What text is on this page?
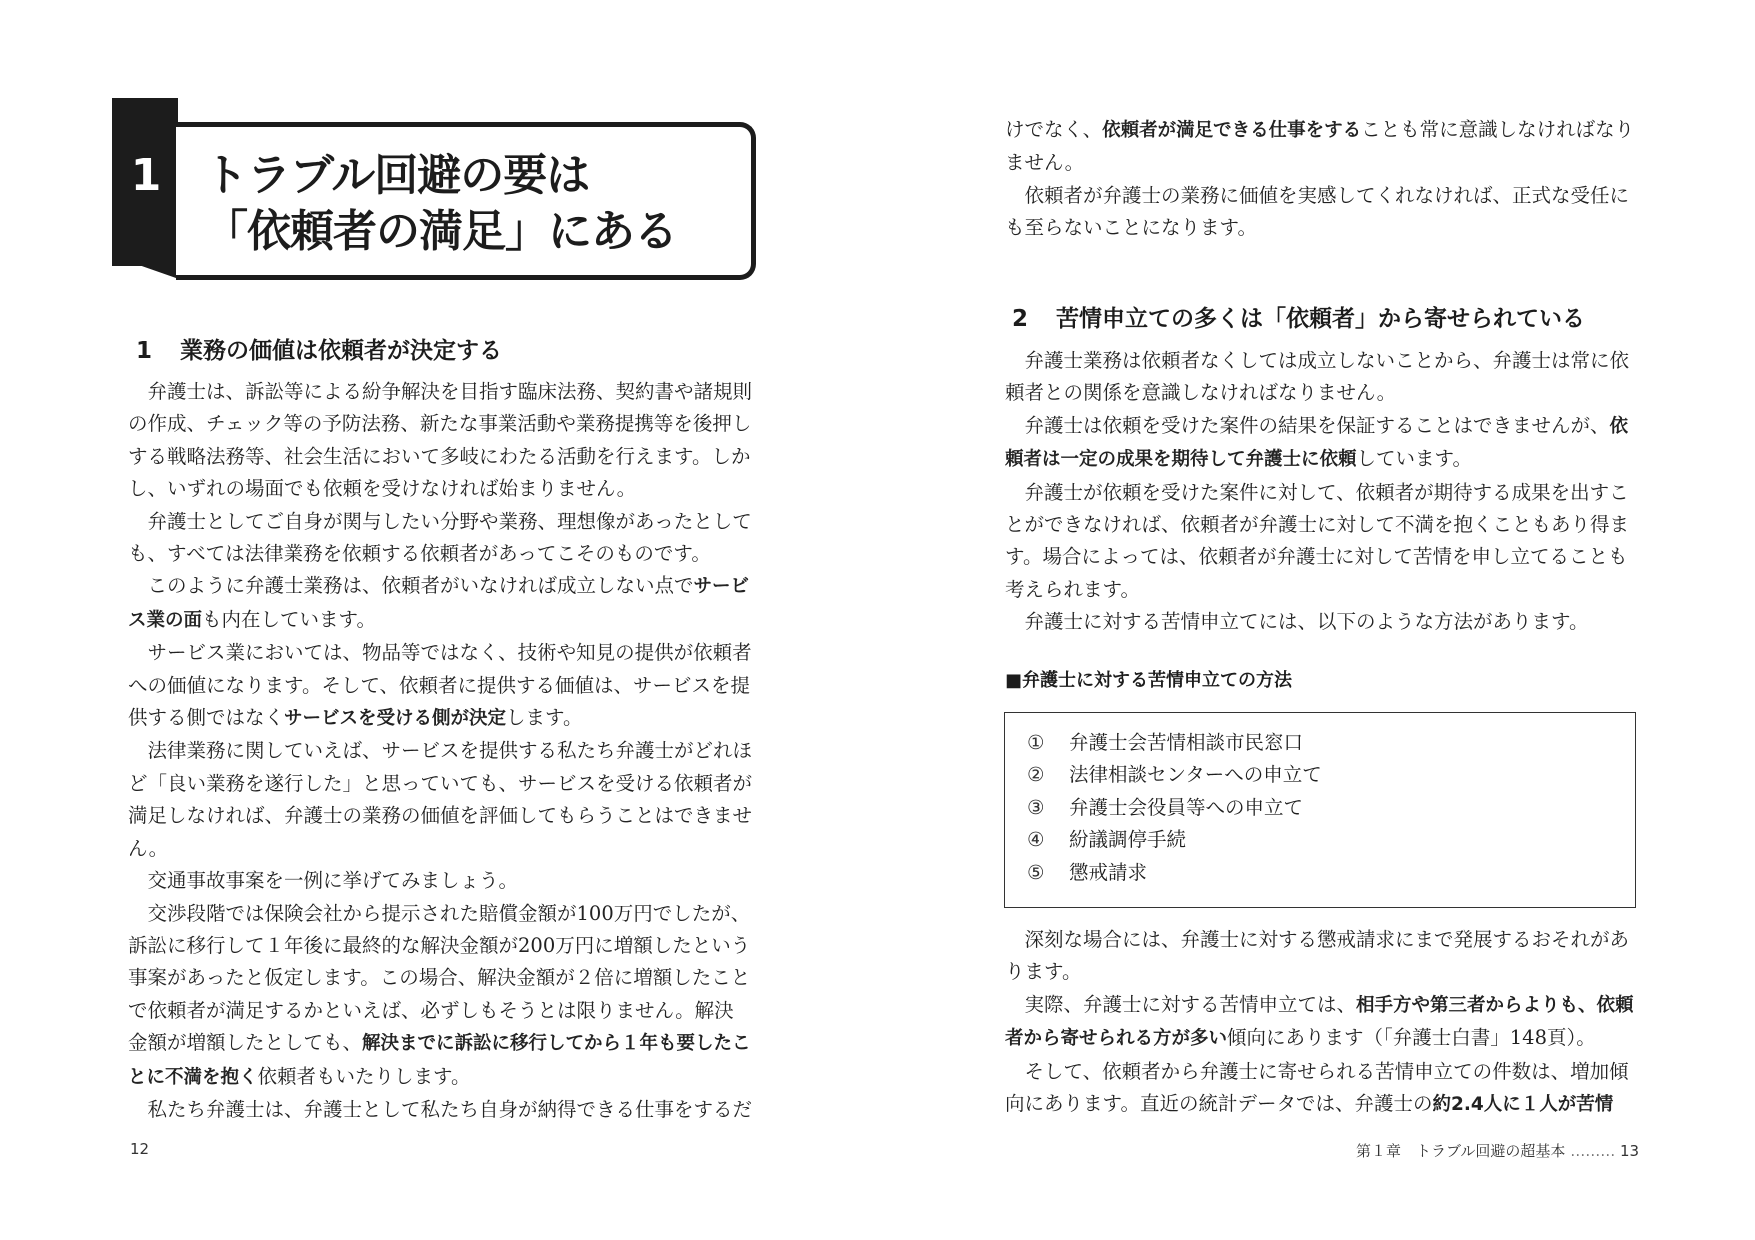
1 トラブル回避の要は
「依頼者の満足」にある
1 業務の価値は依頼者が決定する

弁護士は、訴訟等による紛争解決を目指す臨床法務、契約書や諸規則の作成、チェック等の予防法務、新たな事業活動や業務提携等を後押しする戦略法務等、社会生活において多岐にわたる活動を行えます。しかし、いずれの場面でも依頼を受けなければ始まりません。

弁護士としてご自身が関与したい分野や業務、理想像があったとしても、すべては法律業務を依頼する依頼者があってこそのものです。

このように弁護士業務は、依頼者がいなければ成立しない点でサービス業の面も内在しています。

サービス業においては、物品等ではなく、技術や知見の提供が依頼者への価値になります。そして、依頼者に提供する価値は、サービスを提供する側ではなくサービスを受ける側が決定します。

法律業務に関していえば、サービスを提供する私たち弁護士がどれほど「良い業務を遂行した」と思っていても、サービスを受ける依頼者が満足しなければ、弁護士の業務の価値を評価してもらうことはできません。

交通事故事案を一例に挙げてみましょう。

交渉段階では保険会社から提示された賠償金額が100万円でしたが、訴訟に移行して１年後に最終的な解決金額が200万円に増額したという事案があったと仮定します。この場合、解決金額が２倍に増額したことで依頼者が満足するかといえば、必ずしもそうとは限りません。解決金額が増額したとしても、解決までに訴訟に移行してから１年も要したことに不満を抱く依頼者もいたりします。

私たち弁護士は、弁護士として私たち自身が納得できる仕事をするだ

12

けでなく、依頼者が満足できる仕事をすることも常に意識しなければなりません。

依頼者が弁護士の業務に価値を実感してくれなければ、正式な受任にも至らないことになります。

2 苦情申立ての多くは「依頼者」から寄せられている

弁護士業務は依頼者なくしては成立しないことから、弁護士は常に依頼者との関係を意識しなければなりません。

弁護士は依頼を受けた案件の結果を保証することはできませんが、依頼者は一定の成果を期待して弁護士に依頼しています。

弁護士が依頼を受けた案件に対して、依頼者が期待する成果を出すことができなければ、依頼者が弁護士に対して不満を抱くこともあり得ます。場合によっては、依頼者が弁護士に対して苦情を申し立てることも考えられます。

弁護士に対する苦情申立てには、以下のような方法があります。

■弁護士に対する苦情申立ての方法
① 弁護士会苦情相談市民窓口
② 法律相談センターへの申立て
③ 弁護士会役員等への申立て
④ 紛議調停手続
⑤ 懲戒請求

深刻な場合には、弁護士に対する懲戒請求にまで発展するおそれがあります。

実際、弁護士に対する苦情申立ては、相手方や第三者からよりも、依頼者から寄せられる方が多い傾向にあります（「弁護士白書」148頁）。

そして、依頼者から弁護士に寄せられる苦情申立ての件数は、増加傾向にあります。直近の統計データでは、弁護士の約2.4人に１人が苦情

第１章　トラブル回避の超基本 ……… 13
